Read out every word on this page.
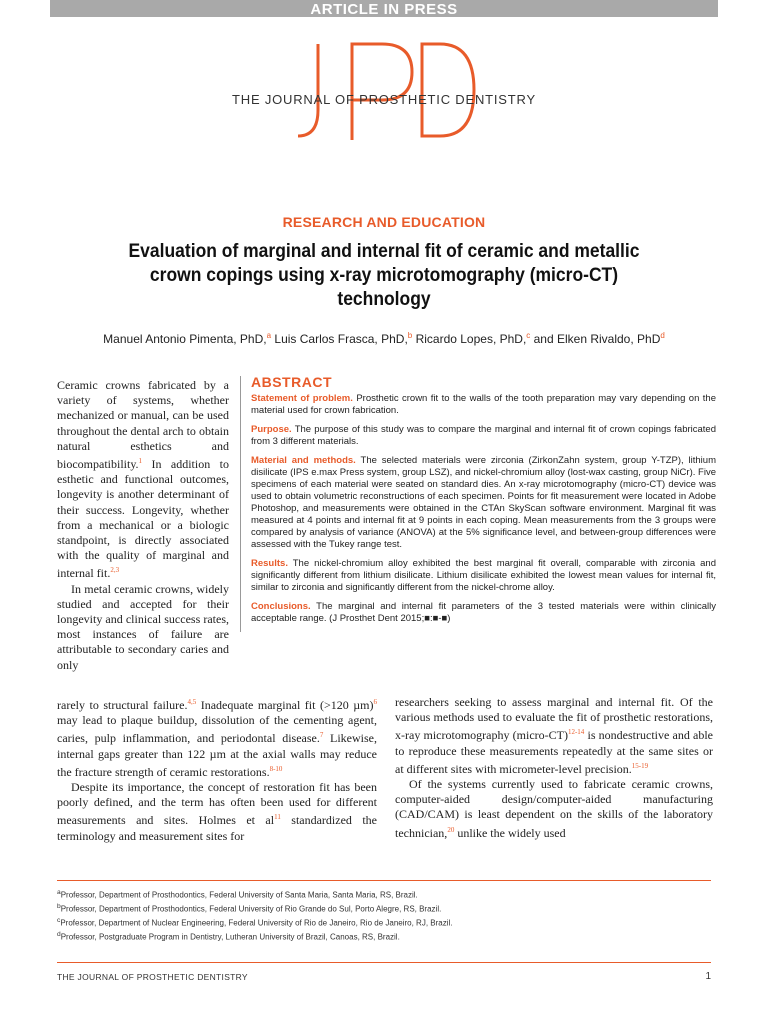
ARTICLE IN PRESS
THE JOURNAL OF PROSTHETIC DENTISTRY
RESEARCH AND EDUCATION
Evaluation of marginal and internal fit of ceramic and metallic crown copings using x-ray microtomography (micro-CT) technology
Manuel Antonio Pimenta, PhD,$^a$ Luis Carlos Frasca, PhD,$^b$ Ricardo Lopes, PhD,$^c$ and Elken Rivaldo, PhD$^d$

Ceramic crowns fabricated by a variety of systems, whether mechanized or manual, can be used throughout the dental arch to obtain natural esthetics and biocompatibility.$^1$ In addition to esthetic and functional outcomes, longevity is another determinant of their success. Longevity, whether from a mechanical or a biologic standpoint, is directly associated with the quality of marginal and internal fit.$^{2,3}$

In metal ceramic crowns, widely studied and accepted for their longevity and clinical success rates, most instances of failure are attributable to secondary caries and only

ABSTRACT

Statement of problem. Prosthetic crown fit to the walls of the tooth preparation may vary depending on the material used for crown fabrication.

Purpose. The purpose of this study was to compare the marginal and internal fit of crown copings fabricated from 3 different materials.

Material and methods. The selected materials were zirconia (ZirkonZahn system, group Y-TZP), lithium disilicate (IPS e.max Press system, group LSZ), and nickel-chromium alloy (lost-wax casting, group NiCr). Five specimens of each material were seated on standard dies. An x-ray microtomography (micro-CT) device was used to obtain volumetric reconstructions of each specimen. Points for fit measurement were located in Adobe Photoshop, and measurements were obtained in the CTAn SkyScan software environment. Marginal fit was measured at 4 points and internal fit at 9 points in each coping. Mean measurements from the 3 groups were compared by analysis of variance (ANOVA) at the 5% significance level, and between-group differences were assessed with the Tukey range test.

Results. The nickel-chromium alloy exhibited the best marginal fit overall, comparable with zirconia and significantly different from lithium disilicate. Lithium disilicate exhibited the lowest mean values for internal fit, similar to zirconia and significantly different from the nickel-chrome alloy.

Conclusions. The marginal and internal fit parameters of the 3 tested materials were within clinically acceptable range. (J Prosthet Dent 2015;■:■-■)

rarely to structural failure.$^{4,5}$ Inadequate marginal fit (>120 µm)$^6$ may lead to plaque buildup, dissolution of the cementing agent, caries, pulp inflammation, and periodontal disease.$^7$ Likewise, internal gaps greater than 122 µm at the axial walls may reduce the fracture strength of ceramic restorations.$^{8-10}$

Despite its importance, the concept of restoration fit has been poorly defined, and the term has often been used for different measurements and sites. Holmes et al$^{11}$ standardized the terminology and measurement sites for

researchers seeking to assess marginal and internal fit. Of the various methods used to evaluate the fit of prosthetic restorations, x-ray microtomography (micro-CT)$^{12-14}$ is nondestructive and able to reproduce these measurements repeatedly at the same sites or at different sites with micrometer-level precision.$^{15-19}$

Of the systems currently used to fabricate ceramic crowns, computer-aided design/computer-aided manufacturing (CAD/CAM) is least dependent on the skills of the laboratory technician,$^{20}$ unlike the widely used

$^a$Professor, Department of Prosthodontics, Federal University of Santa Maria, Santa Maria, RS, Brazil.
$^b$Professor, Department of Prosthodontics, Federal University of Rio Grande do Sul, Porto Alegre, RS, Brazil.
$^c$Professor, Department of Nuclear Engineering, Federal University of Rio de Janeiro, Rio de Janeiro, RJ, Brazil.
$^d$Professor, Postgraduate Program in Dentistry, Lutheran University of Brazil, Canoas, RS, Brazil.
THE JOURNAL OF PROSTHETIC DENTISTRY	1
